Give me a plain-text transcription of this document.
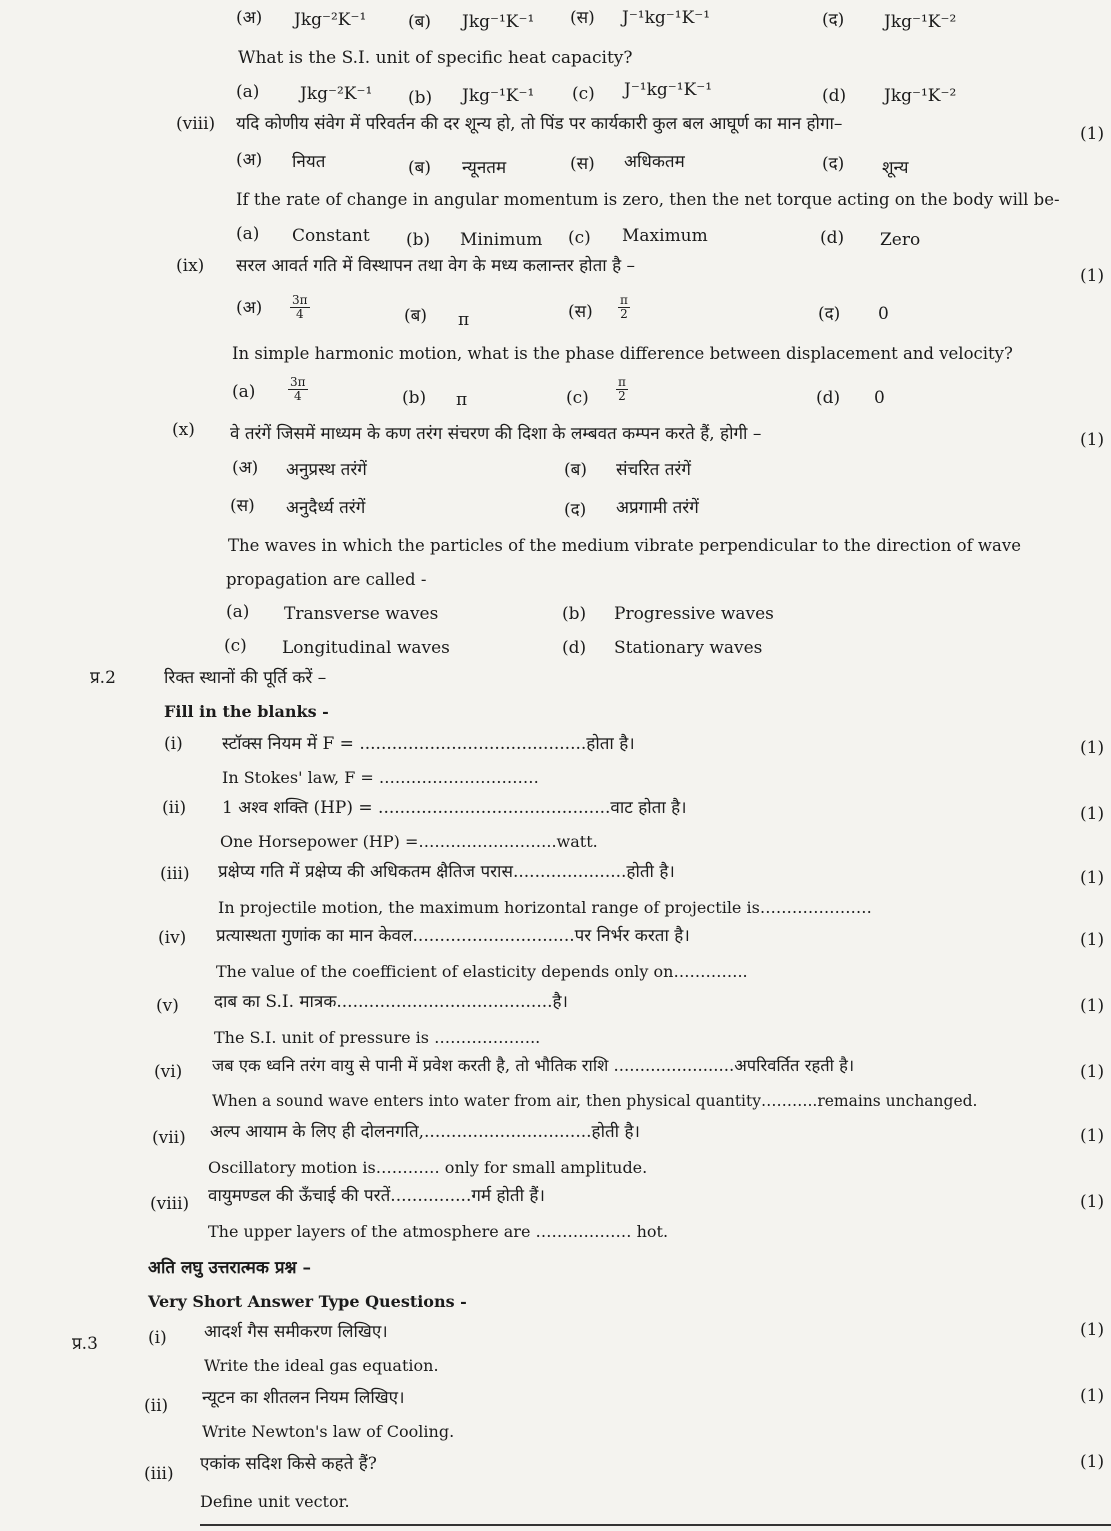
(अ) Jkg⁻²K⁻¹ (ब) Jkg⁻¹K⁻¹ (स) J⁻¹kg⁻¹K⁻¹	(द) Jkg⁻¹K⁻²
What is the S.I. unit of specific heat capacity?
(a) Jkg⁻²K⁻¹ (b) Jkg⁻¹K⁻¹ (c) J⁻¹kg⁻¹K⁻¹	(d) Jkg⁻¹K⁻²
(viii) यदि कोणीय संवेग में परिवर्तन की दर शून्य हो, तो पिंड पर कार्यकारी कुल बल आघूर्ण का मान होगा–	(1)
(अ) नियत	(ब) न्यूनतम	(स) अधिकतम	(द) शून्य
If the rate of change in angular momentum is zero, then the net torque acting on the body will be-
(a) Constant (b) Minimum (c) Maximum	(d) Zero
(ix) सरल आवर्त गति में विस्थापन तथा वेग के मध्य कलान्तर होता है –	(1)
(अ) $\frac{3\pi}{4}$	(ब) π	(स) $\frac{\pi}{2}$	(द) 0
In simple harmonic motion, what is the phase difference between displacement and velocity?
(a)	$\frac{3\pi}{4}$	(b) π	$(c) \frac{\pi}{2}$	(d) 0
(x) वे तरंगें जिसमें माध्यम के कण तरंग संचरण की दिशा के लम्बवत कम्पन करते हैं, होगी –	(1)
(अ) अनुप्रस्थ तरंगें	(ब) संचरित तरंगें
(स) अनुदैर्ध्य तरंगें	(द) अप्रगामी तरंगें
The waves in which the particles of the medium vibrate perpendicular to the direction of wave
propagation are called -
(a) Transverse waves	(b) Progressive waves
(c) Longitudinal waves	(d) Stationary waves
प्र.2	रिक्त स्थानों की पूर्ति करें –
Fill in the blanks -
(i) स्टॉक्स नियम में F = ..........................................होता है।	(1)
In Stokes' law, F = …………………………
(ii) 1 अश्व शक्ति (HP) = ...........................................वाट होता है।	(1)
One Horsepower (HP) =……………………..watt.
(iii) प्रक्षेप्य गति में प्रक्षेप्य की अधिकतम क्षैतिज परास.....................होती है।	(1)
In projectile motion, the maximum horizontal range of projectile is…………………
(iv) प्रत्यास्थता गुणांक का मान केवल..............................पर निर्भर करता है।	(1)
The value of the coefficient of elasticity depends only on…………..
(v) दाब का S.I. मात्रक........................................है।	(1)
The S.I. unit of pressure is ………………..
(vi) जब एक ध्वनि तरंग वायु से पानी में प्रवेश करती है, तो भौतिक राशि .......................अपरिवर्तित रहती है।	(1)
When a sound wave enters into water from air, then physical quantity………..remains unchanged.
(vii) अल्प आयाम के लिए ही दोलनगति,...............................होती है।	(1)
Oscillatory motion is………… only for small amplitude.
(viii) वायुमण्डल की ऊँचाई की परतें...............गर्म होती हैं।	(1)
The upper layers of the atmosphere are ……………… hot.
अति लघु उत्तरात्मक प्रश्न –
Very Short Answer Type Questions -
प्र.3	(i) आदर्श गैस समीकरण लिखिए।	(1)
Write the ideal gas equation.
(ii) न्यूटन का शीतलन नियम लिखिए।	(1)
Write Newton's law of Cooling.
(iii) एकांक सदिश किसे कहते हैं?	(1)
Define unit vector.
